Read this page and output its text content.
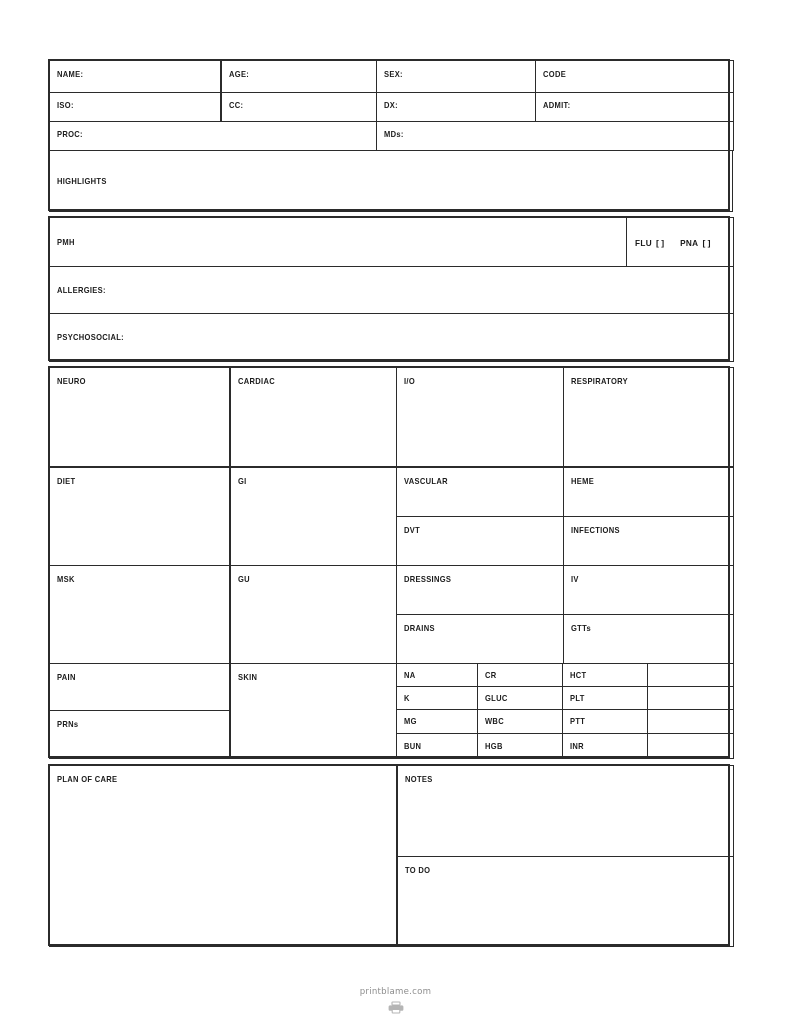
NAME:	AGE:	SEX:	CODE
ISO:	CC:	DX:	ADMIT:
PROC:	MDs:
HIGHLIGHTS
PMH	FLU [ ] PNA [ ]
ALLERGIES:
PSYCHOSOCIAL:
NEURO	CARDIAC	I/O	RESPIRATORY
DIET	GI	VASCULAR	HEME
DVT	INFECTIONS
MSK	GU	DRESSINGS	IV
DRAINS	GTTs
PAIN
PRNs
SKIN	NA	CR	HCT
K	GLUC	PLT
MG	WBC	PTT
BUN	HGB	INR
PLAN OF CARE	NOTES
TO DO
printblame.com
